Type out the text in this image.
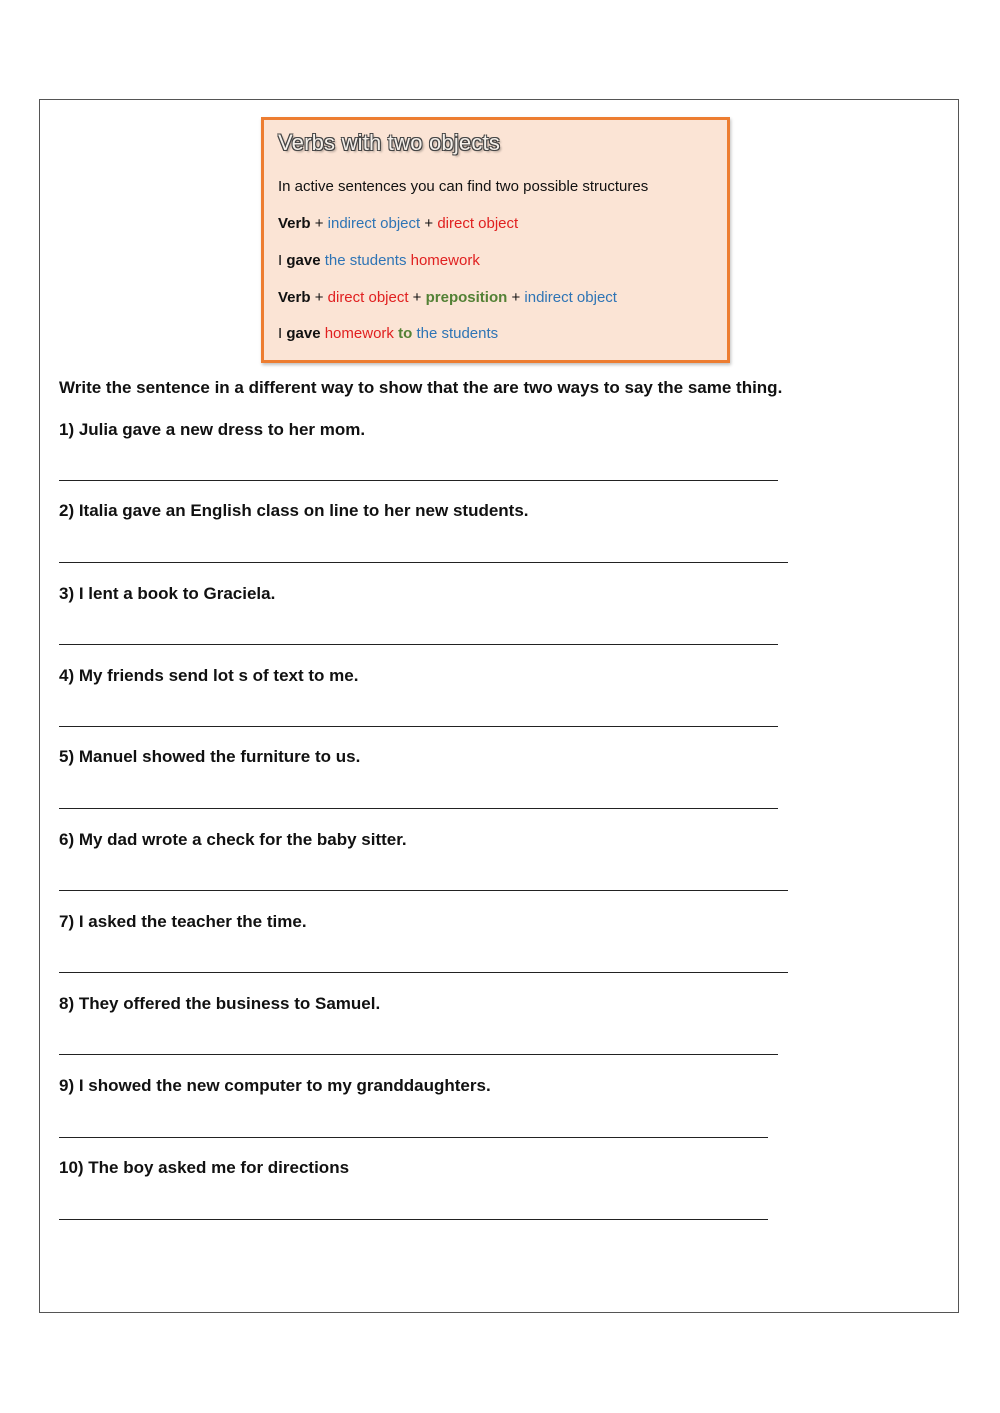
Verbs with two objects
In active sentences you can find two possible structures
Verb + indirect object + direct object
I gave the students homework
Verb + direct object + preposition + indirect object
I gave homework to the students

Write the sentence in a different way to show that the are two ways to say the same thing.

1) Julia gave a new dress to her mom.

2) Italia gave an English class on line to her new students.

3) I lent a book to Graciela.

4) My friends send lot s of text to me.

5) Manuel showed the furniture to us.

6) My dad wrote a check for the baby sitter.

7) I asked the teacher the time.

8) They offered the business to Samuel.

9) I showed the new computer to my granddaughters.

10) The boy asked me for directions
